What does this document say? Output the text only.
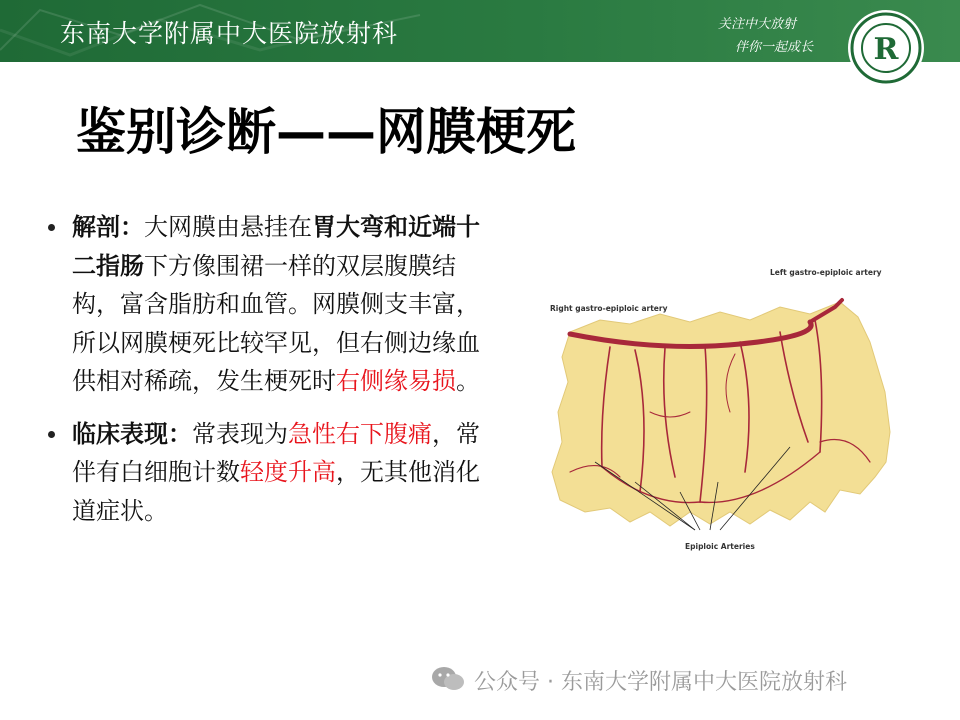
东南大学附属中大医院放射科	关注中大放射
伴你一起成长 R
鉴别诊断——网膜梗死
解剖：大网膜由悬挂在胃大弯和近端十二指肠下方像围裙一样的双层腹膜结构，富含脂肪和血管。网膜侧支丰富，所以网膜梗死比较罕见，但右侧边缘血供相对稀疏，发生梗死时右侧缘易损。
临床表现：常表现为急性右下腹痛，常伴有白细胞计数轻度升高，无其他消化道症状。
Left gastro-epiploic artery
Right gastro-epiploic artery
Epiploic Arteries
公众号 · 东南大学附属中大医院放射科
